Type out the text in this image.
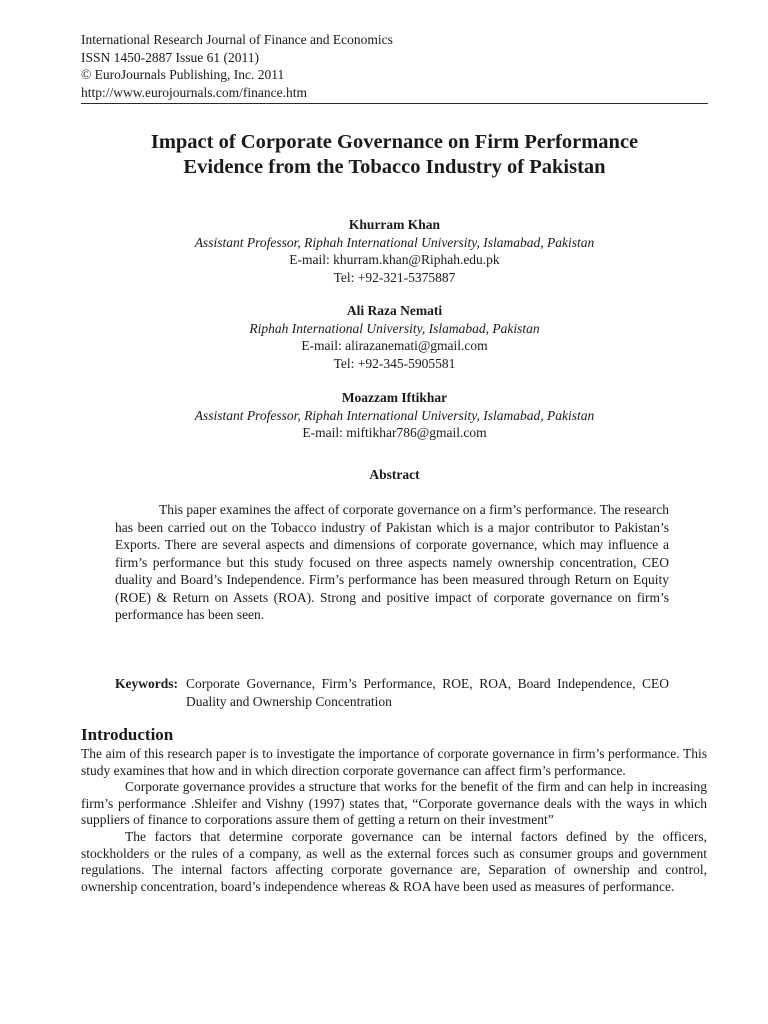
International Research Journal of Finance and Economics
ISSN 1450-2887 Issue 61 (2011)
© EuroJournals Publishing, Inc. 2011
http://www.eurojournals.com/finance.htm
Impact of Corporate Governance on Firm Performance
Evidence from the Tobacco Industry of Pakistan
Khurram Khan
Assistant Professor, Riphah International University, Islamabad, Pakistan
E-mail: khurram.khan@Riphah.edu.pk
Tel: +92-321-5375887
Ali Raza Nemati
Riphah International University, Islamabad, Pakistan
E-mail: alirazanemati@gmail.com
Tel: +92-345-5905581
Moazzam Iftikhar
Assistant Professor, Riphah International University, Islamabad, Pakistan
E-mail: miftikhar786@gmail.com
Abstract
This paper examines the affect of corporate governance on a firm’s performance. The research has been carried out on the Tobacco industry of Pakistan which is a major contributor to Pakistan’s Exports. There are several aspects and dimensions of corporate governance, which may influence a firm’s performance but this study focused on three aspects namely ownership concentration, CEO duality and Board’s Independence. Firm’s performance has been measured through Return on Equity (ROE) & Return on Assets (ROA). Strong and positive impact of corporate governance on firm’s performance has been seen.
Keywords: Corporate Governance, Firm’s Performance, ROE, ROA, Board Independence, CEO Duality and Ownership Concentration
Introduction

The aim of this research paper is to investigate the importance of corporate governance in firm’s performance. This study examines that how and in which direction corporate governance can affect firm’s performance.

Corporate governance provides a structure that works for the benefit of the firm and can help in increasing firm’s performance .Shleifer and Vishny (1997) states that, “Corporate governance deals with the ways in which suppliers of finance to corporations assure them of getting a return on their investment”

The factors that determine corporate governance can be internal factors defined by the officers, stockholders or the rules of a company, as well as the external forces such as consumer groups and government regulations. The internal factors affecting corporate governance are, Separation of ownership and control, ownership concentration, board’s independence whereas & ROA have been used as measures of performance.
